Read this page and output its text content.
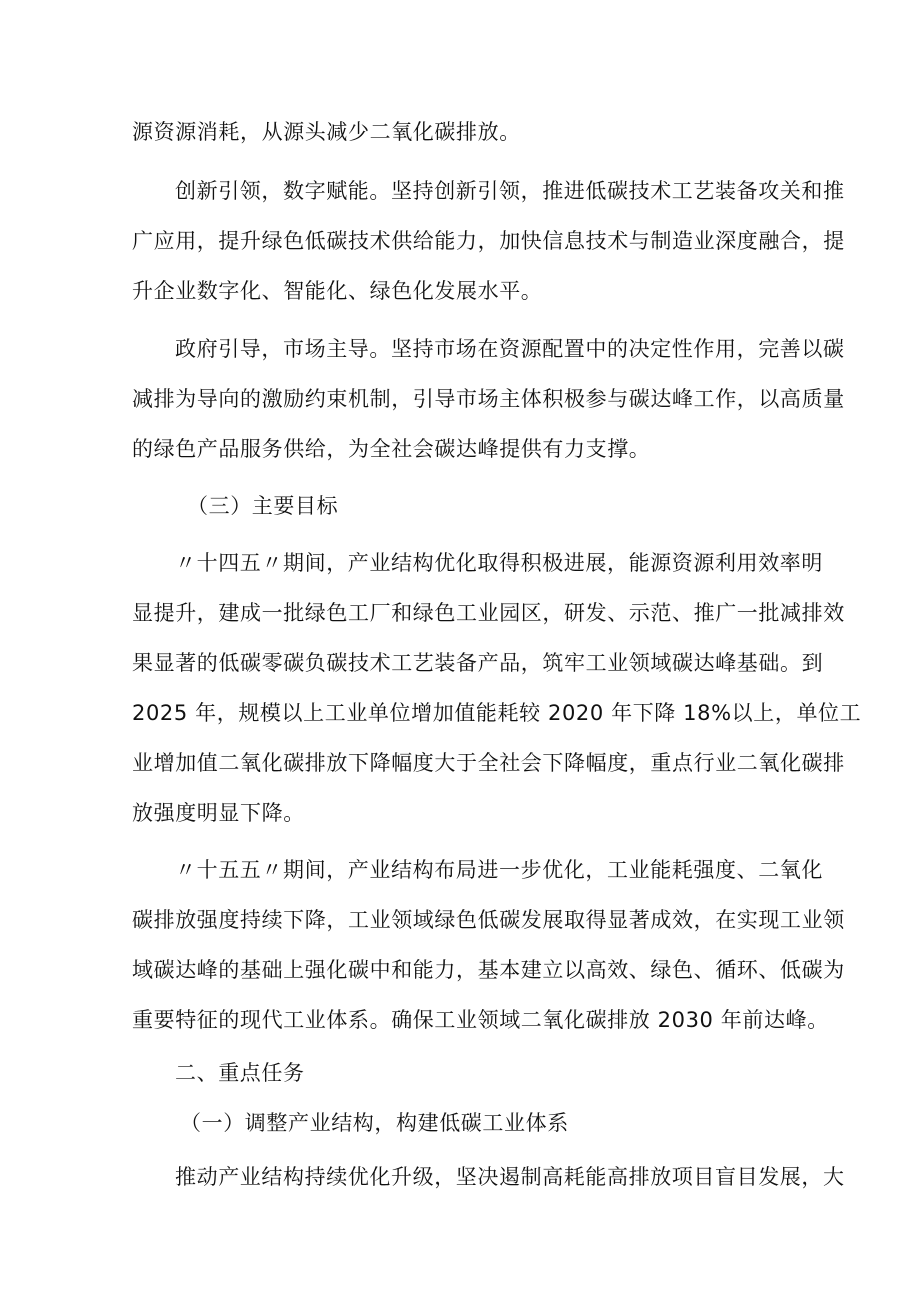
源资源消耗，从源头减少二氧化碳排放。
创新引领，数字赋能。坚持创新引领，推进低碳技术工艺装备攻关和推
广应用，提升绿色低碳技术供给能力，加快信息技术与制造业深度融合，提
升企业数字化、智能化、绿色化发展水平。
政府引导，市场主导。坚持市场在资源配置中的决定性作用，完善以碳
减排为导向的激励约束机制，引导市场主体积极参与碳达峰工作，以高质量
的绿色产品服务供给，为全社会碳达峰提供有力支撑。
（三）主要目标
〃十四五〃期间，产业结构优化取得积极进展，能源资源利用效率明
显提升，建成一批绿色工厂和绿色工业园区，研发、示范、推广一批减排效
果显著的低碳零碳负碳技术工艺装备产品，筑牢工业领域碳达峰基础。到
2025 年，规模以上工业单位增加值能耗较 2020 年下降 18%以上，单位工
业增加值二氧化碳排放下降幅度大于全社会下降幅度，重点行业二氧化碳排
放强度明显下降。
〃十五五〃期间，产业结构布局进一步优化，工业能耗强度、二氧化
碳排放强度持续下降，工业领域绿色低碳发展取得显著成效，在实现工业领
域碳达峰的基础上强化碳中和能力，基本建立以高效、绿色、循环、低碳为
重要特征的现代工业体系。确保工业领域二氧化碳排放 2030 年前达峰。
二、重点任务
（一）调整产业结构，构建低碳工业体系
推动产业结构持续优化升级，坚决遏制高耗能高排放项目盲目发展，大
